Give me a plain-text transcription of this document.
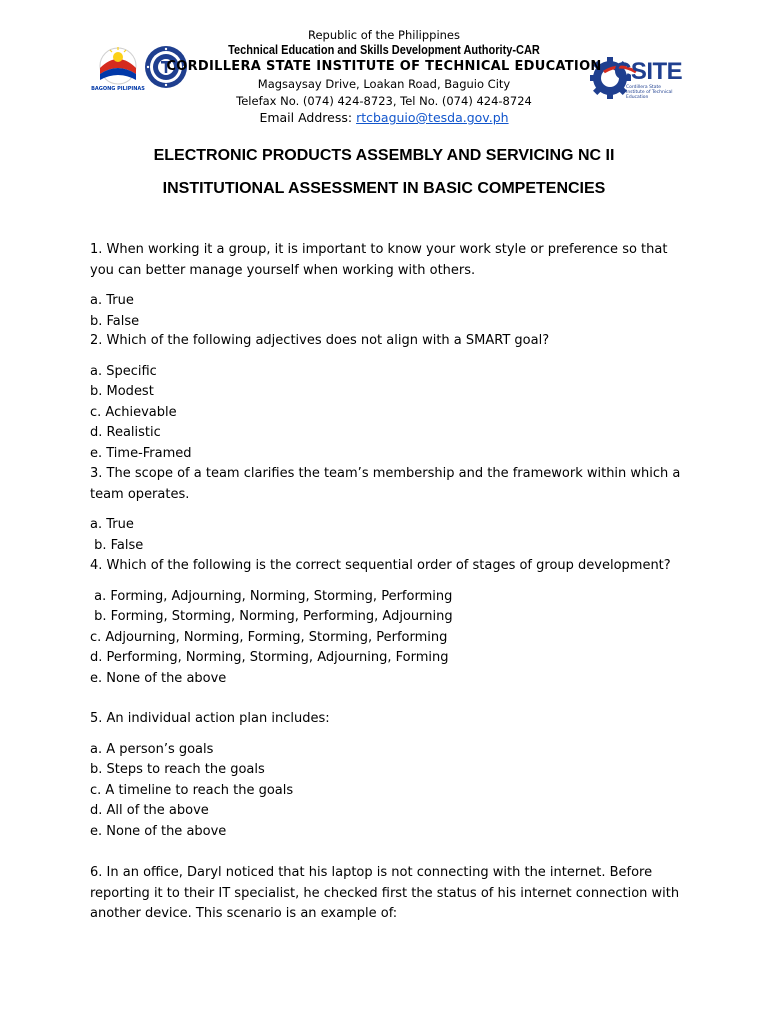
BAGONG PILIPINAS
CSITE
Cordillera State Institute of Technical Education
Republic of the Philippines
Technical Education and Skills Development Authority-CAR
CORDILLERA STATE INSTITUTE OF TECHNICAL EDUCATION
Magsaysay Drive, Loakan Road, Baguio City
Telefax No. (074) 424-8723, Tel No. (074) 424-8724
Email Address: rtcbaguio@tesda.gov.ph
ELECTRONIC PRODUCTS ASSEMBLY AND SERVICING NC II
INSTITUTIONAL ASSESSMENT IN BASIC COMPETENCIES
1. When working it a group, it is important to know your work style or preference so that you can better manage yourself when working with others.
a. True
b. False
2. Which of the following adjectives does not align with a SMART goal?
a. Specific
b. Modest
c. Achievable
d. Realistic
e. Time-Framed
3. The scope of a team clarifies the team’s membership and the framework within which a team operates.
a. True
b. False
4. Which of the following is the correct sequential order of stages of group development?
a. Forming, Adjourning, Norming, Storming, Performing
b. Forming, Storming, Norming, Performing, Adjourning
c. Adjourning, Norming, Forming, Storming, Performing
d. Performing, Norming, Storming, Adjourning, Forming
e. None of the above
5. An individual action plan includes:
a. A person’s goals
b. Steps to reach the goals
c. A timeline to reach the goals
d. All of the above
e. None of the above
6. In an office, Daryl noticed that his laptop is not connecting with the internet. Before reporting it to their IT specialist, he checked first the status of his internet connection with another device. This scenario is an example of:
